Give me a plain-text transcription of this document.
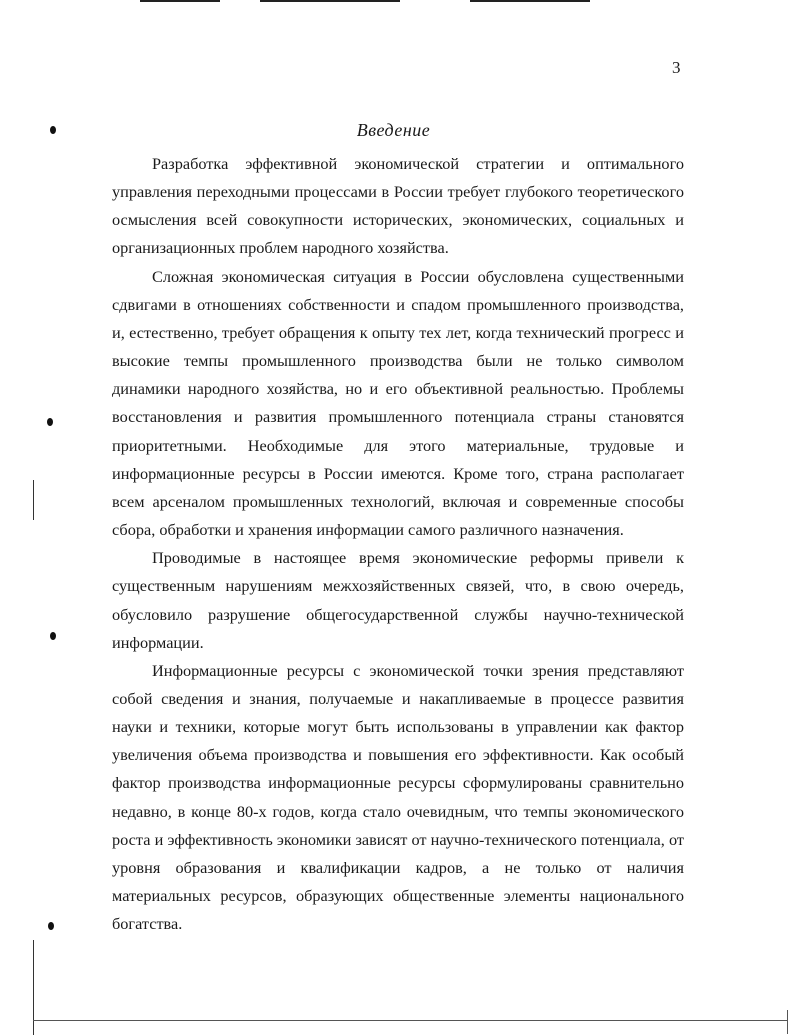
3
Введение

Разработка эффективной экономической стратегии и оптимального управления переходными процессами в России требует глубокого теоретического осмысления всей совокупности исторических, экономических, социальных и организационных проблем народного хозяйства.

Сложная экономическая ситуация в России обусловлена существенными сдвигами в отношениях собственности и спадом промышленного производства, и, естественно, требует обращения к опыту тех лет, когда технический прогресс и высокие темпы промышленного производства были не только символом динамики народного хозяйства, но и его объективной реальностью. Проблемы восстановления и развития промышленного потенциала страны становятся приоритетными. Необходимые для этого материальные, трудовые и информационные ресурсы в России имеются. Кроме того, страна располагает всем арсеналом промышленных технологий, включая и современные способы сбора, обработки и хранения информации самого различного назначения.

Проводимые в настоящее время экономические реформы привели к существенным нарушениям межхозяйственных связей, что, в свою очередь, обусловило разрушение общегосударственной службы научно-технической информации.

Информационные ресурсы с экономической точки зрения представляют собой сведения и знания, получаемые и накапливаемые в процессе развития науки и техники, которые могут быть использованы в управлении как фактор увеличения объема производства и повышения его эффективности. Как особый фактор производства информационные ресурсы сформулированы сравнительно недавно, в конце 80-х годов, когда стало очевидным, что темпы экономического роста и эффективность экономики зависят от научно-технического потенциала, от уровня образования и квалификации кадров, а не только от наличия материальных ресурсов, образующих общественные элементы национального богатства.
